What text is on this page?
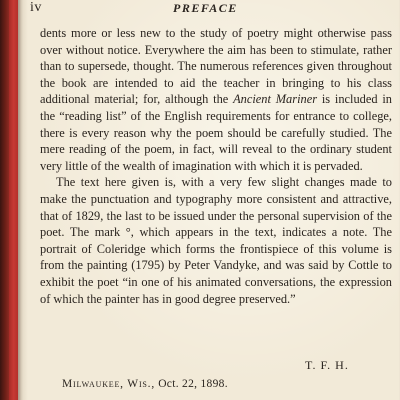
iv	PREFACE

dents more or less new to the study of poetry might otherwise pass over without notice. Everywhere the aim has been to stimulate, rather than to supersede, thought. The numerous references given throughout the book are intended to aid the teacher in bringing to his class additional material; for, although the Ancient Mariner is included in the “reading list” of the English requirements for entrance to college, there is every reason why the poem should be carefully studied. The mere reading of the poem, in fact, will reveal to the ordinary student very little of the wealth of imagination with which it is pervaded.

The text here given is, with a very few slight changes made to make the punctuation and typography more consistent and attractive, that of 1829, the last to be issued under the personal supervision of the poet. The mark °, which appears in the text, indicates a note. The portrait of Coleridge which forms the frontispiece of this volume is from the painting (1795) by Peter Vandyke, and was said by Cottle to exhibit the poet “in one of his animated conversations, the expression of which the painter has in good degree preserved.”

T. F. H.
Milwaukee, Wis., Oct. 22, 1898.
